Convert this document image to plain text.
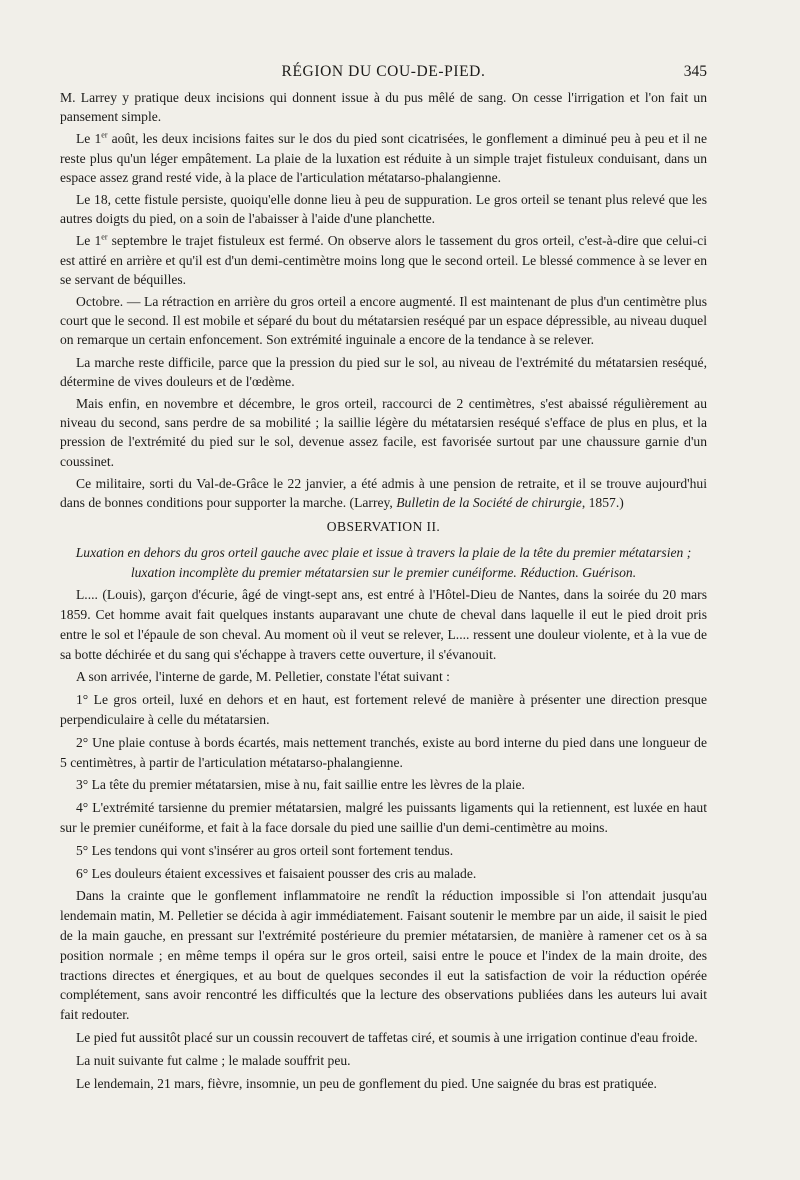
RÉGION DU COU-DE-PIED.	345

M. Larrey y pratique deux incisions qui donnent issue à du pus mêlé de sang. On cesse l'irrigation et l'on fait un pansement simple.

Le 1er août, les deux incisions faites sur le dos du pied sont cicatrisées, le gonflement a diminué peu à peu et il ne reste plus qu'un léger empâtement. La plaie de la luxation est réduite à un simple trajet fistuleux conduisant, dans un espace assez grand resté vide, à la place de l'articulation métatarso-phalangienne.

Le 18, cette fistule persiste, quoiqu'elle donne lieu à peu de suppuration. Le gros orteil se tenant plus relevé que les autres doigts du pied, on a soin de l'abaisser à l'aide d'une planchette.

Le 1er septembre le trajet fistuleux est fermé. On observe alors le tassement du gros orteil, c'est-à-dire que celui-ci est attiré en arrière et qu'il est d'un demi-centimètre moins long que le second orteil. Le blessé commence à se lever en se servant de béquilles.

Octobre. — La rétraction en arrière du gros orteil a encore augmenté. Il est maintenant de plus d'un centimètre plus court que le second. Il est mobile et séparé du bout du métatarsien reséqué par un espace dépressible, au niveau duquel on remarque un certain enfoncement. Son extrémité inguinale a encore de la tendance à se relever.

La marche reste difficile, parce que la pression du pied sur le sol, au niveau de l'extrémité du métatarsien reséqué, détermine de vives douleurs et de l'œdème.

Mais enfin, en novembre et décembre, le gros orteil, raccourci de 2 centimètres, s'est abaissé régulièrement au niveau du second, sans perdre de sa mobilité ; la saillie légère du métatarsien reséqué s'efface de plus en plus, et la pression de l'extrémité du pied sur le sol, devenue assez facile, est favorisée surtout par une chaussure garnie d'un coussinet.

Ce militaire, sorti du Val-de-Grâce le 22 janvier, a été admis à une pension de retraite, et il se trouve aujourd'hui dans de bonnes conditions pour supporter la marche. (Larrey, Bulletin de la Société de chirurgie, 1857.)

OBSERVATION II.
Luxation en dehors du gros orteil gauche avec plaie et issue à travers la plaie de la tête du premier métatarsien ;
luxation incomplète du premier métatarsien sur le premier cunéiforme. Réduction. Guérison.

L.... (Louis), garçon d'écurie, âgé de vingt-sept ans, est entré à l'Hôtel-Dieu de Nantes, dans la soirée du 20 mars 1859. Cet homme avait fait quelques instants auparavant une chute de cheval dans laquelle il eut le pied droit pris entre le sol et l'épaule de son cheval. Au moment où il veut se relever, L.... ressent une douleur violente, et à la vue de sa botte déchirée et du sang qui s'échappe à travers cette ouverture, il s'évanouit.

A son arrivée, l'interne de garde, M. Pelletier, constate l'état suivant :

1° Le gros orteil, luxé en dehors et en haut, est fortement relevé de manière à présenter une direction presque perpendiculaire à celle du métatarsien.

2° Une plaie contuse à bords écartés, mais nettement tranchés, existe au bord interne du pied dans une longueur de 5 centimètres, à partir de l'articulation métatarso-phalangienne.

3° La tête du premier métatarsien, mise à nu, fait saillie entre les lèvres de la plaie.

4° L'extrémité tarsienne du premier métatarsien, malgré les puissants ligaments qui la retiennent, est luxée en haut sur le premier cunéiforme, et fait à la face dorsale du pied une saillie d'un demi-centimètre au moins.

5° Les tendons qui vont s'insérer au gros orteil sont fortement tendus.

6° Les douleurs étaient excessives et faisaient pousser des cris au malade.

Dans la crainte que le gonflement inflammatoire ne rendît la réduction impossible si l'on attendait jusqu'au lendemain matin, M. Pelletier se décida à agir immédiatement. Faisant soutenir le membre par un aide, il saisit le pied de la main gauche, en pressant sur l'extrémité postérieure du premier métatarsien, de manière à ramener cet os à sa position normale ; en même temps il opéra sur le gros orteil, saisi entre le pouce et l'index de la main droite, des tractions directes et énergiques, et au bout de quelques secondes il eut la satisfaction de voir la réduction opérée complétement, sans avoir rencontré les difficultés que la lecture des observations publiées dans les auteurs lui avait fait redouter.

Le pied fut aussitôt placé sur un coussin recouvert de taffetas ciré, et soumis à une irrigation continue d'eau froide.

La nuit suivante fut calme ; le malade souffrit peu.

Le lendemain, 21 mars, fièvre, insomnie, un peu de gonflement du pied. Une saignée du bras est pratiquée.
